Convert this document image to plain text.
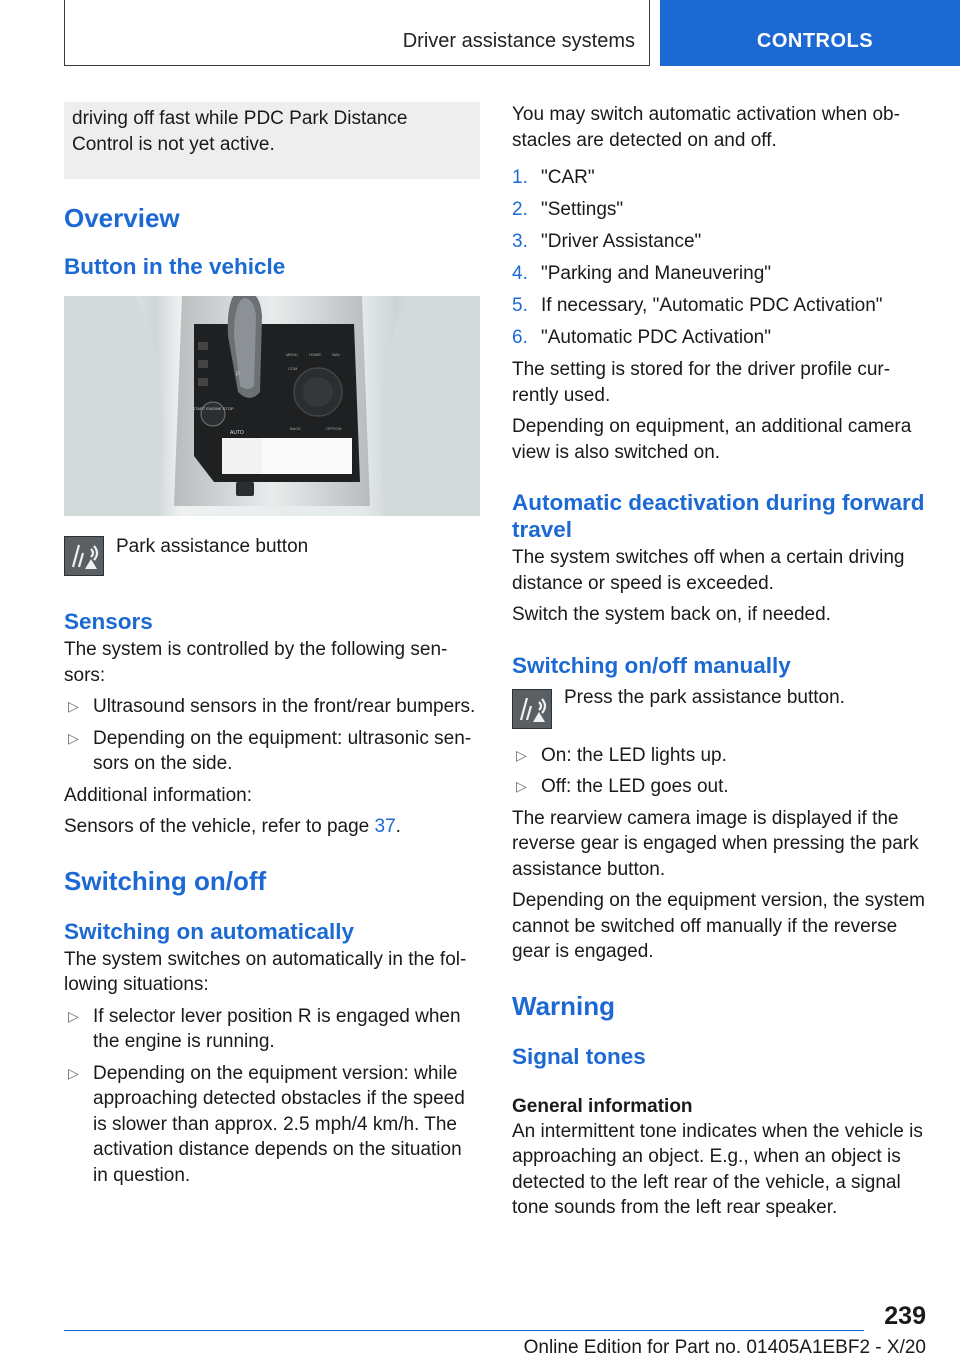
Driver assistance systems	CONTROLS

driving off fast while PDC Park Distance Control is not yet active.

Overview
Button in the vehicle
START ENGINE STOP
AUTO
P
MENU	HOME	NAV
COM
BACK	OPTION
Park assistance button
Sensors

The system is controlled by the following sensors:

▷ Ultrasound sensors in the front/rear bumpers.
▷ Depending on the equipment: ultrasonic sensors on the side.

Additional information:

Sensors of the vehicle, refer to page 37.

Switching on/off
Switching on automatically

The system switches on automatically in the following situations:

▷ If selector lever position R is engaged when the engine is running.
▷ Depending on the equipment version: while approaching detected obstacles if the speed is slower than approx. 2.5 mph/4 km/h. The activation distance depends on the situation in question.

You may switch automatic activation when obstacles are detected on and off.

1. "CAR"
2. "Settings"
3. "Driver Assistance"
4. "Parking and Maneuvering"
5. If necessary, "Automatic PDC Activation"
6. "Automatic PDC Activation"

The setting is stored for the driver profile currently used.

Depending on equipment, an additional camera view is also switched on.

Automatic deactivation during forward travel

The system switches off when a certain driving distance or speed is exceeded.

Switch the system back on, if needed.

Switching on/off manually

Press the park assistance button.

▷ On: the LED lights up.
▷ Off: the LED goes out.

The rearview camera image is displayed if the reverse gear is engaged when pressing the park assistance button.

Depending on the equipment version, the system cannot be switched off manually if the reverse gear is engaged.

Warning
Signal tones
General information

An intermittent tone indicates when the vehicle is approaching an object. E.g., when an object is detected to the left rear of the vehicle, a signal tone sounds from the left rear speaker.

239
Online Edition for Part no. 01405A1EBF2 - X/20
